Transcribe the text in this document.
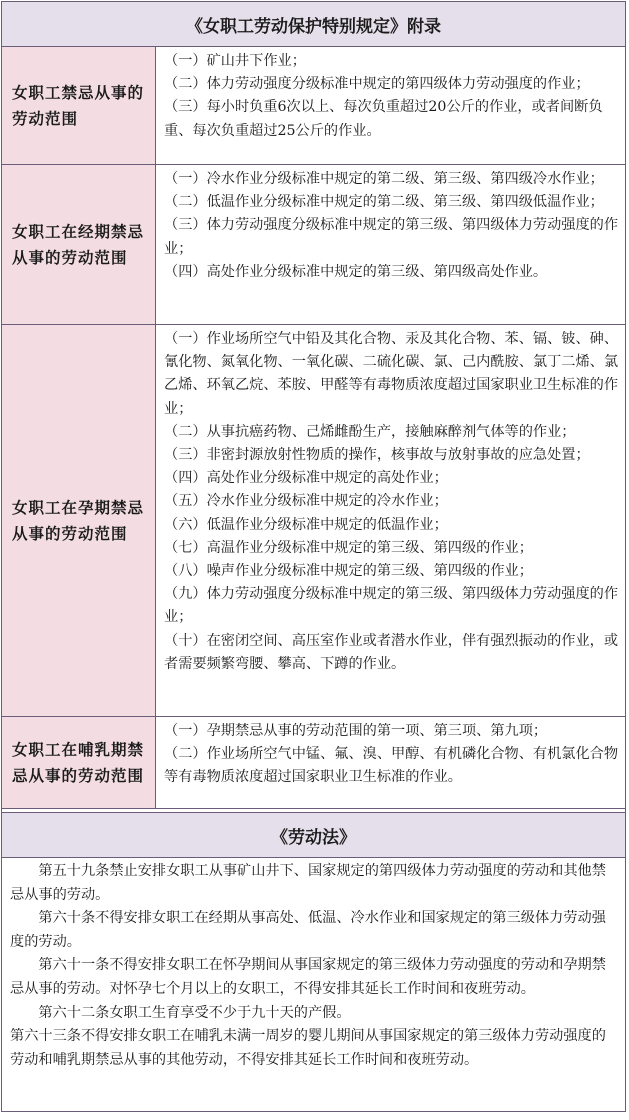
《女职工劳动保护特别规定》附录
女职工禁忌从事的劳动范围

（一）矿山井下作业；

（二）体力劳动强度分级标准中规定的第四级体力劳动强度的作业；

（三）每小时负重6次以上、每次负重超过20公斤的作业，或者间断负重、每次负重超过25公斤的作业。

女职工在经期禁忌从事的劳动范围

（一）冷水作业分级标准中规定的第二级、第三级、第四级冷水作业；

（二）低温作业分级标准中规定的第二级、第三级、第四级低温作业；

（三）体力劳动强度分级标准中规定的第三级、第四级体力劳动强度的作业；

（四）高处作业分级标准中规定的第三级、第四级高处作业。

女职工在孕期禁忌从事的劳动范围

（一）作业场所空气中铅及其化合物、汞及其化合物、苯、镉、铍、砷、氰化物、氮氧化物、一氧化碳、二硫化碳、氯、己内酰胺、氯丁二烯、氯乙烯、环氧乙烷、苯胺、甲醛等有毒物质浓度超过国家职业卫生标准的作业；

（二）从事抗癌药物、己烯雌酚生产，接触麻醉剂气体等的作业；

（三）非密封源放射性物质的操作，核事故与放射事故的应急处置；

（四）高处作业分级标准中规定的高处作业；

（五）冷水作业分级标准中规定的冷水作业；

（六）低温作业分级标准中规定的低温作业；

（七）高温作业分级标准中规定的第三级、第四级的作业；

（八）噪声作业分级标准中规定的第三级、第四级的作业；

（九）体力劳动强度分级标准中规定的第三级、第四级体力劳动强度的作业；

（十）在密闭空间、高压室作业或者潜水作业，伴有强烈振动的作业，或者需要频繁弯腰、攀高、下蹲的作业。

女职工在哺乳期禁忌从事的劳动范围

（一）孕期禁忌从事的劳动范围的第一项、第三项、第九项；

（二）作业场所空气中锰、氟、溴、甲醇、有机磷化合物、有机氯化合物等有毒物质浓度超过国家职业卫生标准的作业。

《劳动法》

第五十九条禁止安排女职工从事矿山井下、国家规定的第四级体力劳动强度的劳动和其他禁忌从事的劳动。

第六十条不得安排女职工在经期从事高处、低温、冷水作业和国家规定的第三级体力劳动强度的劳动。

第六十一条不得安排女职工在怀孕期间从事国家规定的第三级体力劳动强度的劳动和孕期禁忌从事的劳动。对怀孕七个月以上的女职工，不得安排其延长工作时间和夜班劳动。

第六十二条女职工生育享受不少于九十天的产假。

第六十三条不得安排女职工在哺乳未满一周岁的婴儿期间从事国家规定的第三级体力劳动强度的劳动和哺乳期禁忌从事的其他劳动，不得安排其延长工作时间和夜班劳动。
